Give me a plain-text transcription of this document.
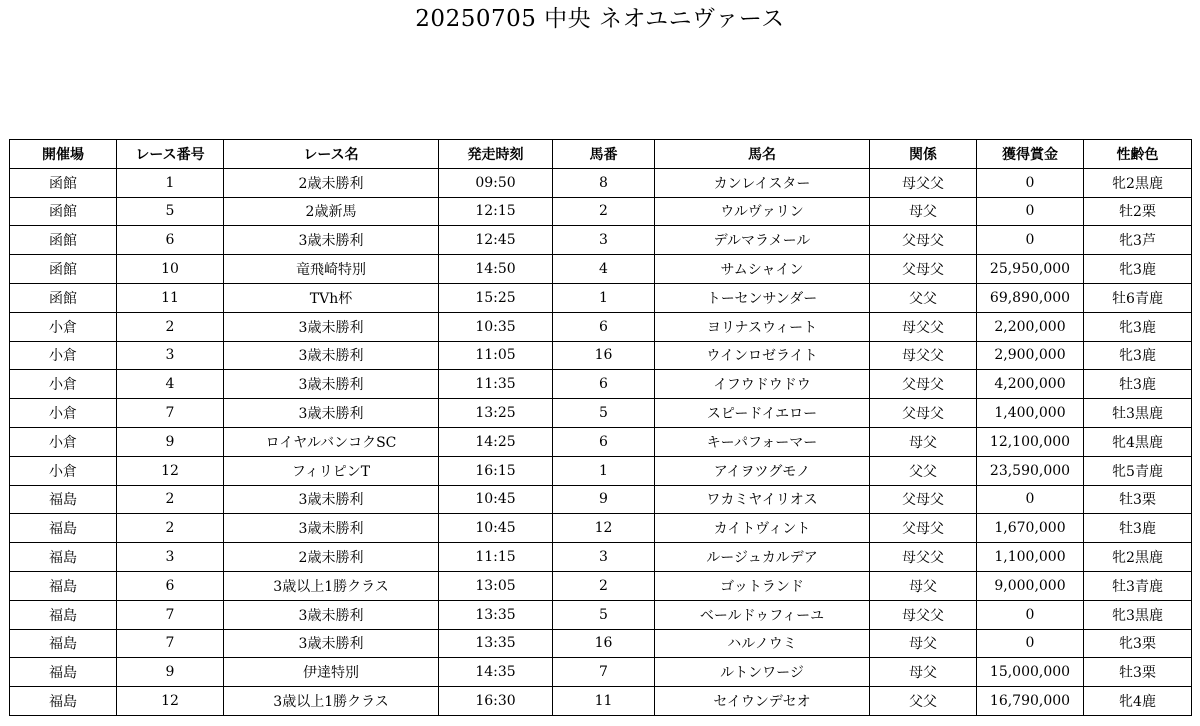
20250705 中央 ネオユニヴァース
開催場	レース番号	レース名	発走時刻	馬番	馬名	関係	獲得賞金	性齢色
函館	1	2歳未勝利	09:50	8	カンレイスター	母父父	0	牝2黒鹿
函館	5	2歳新馬	12:15	2	ウルヴァリン	母父	0	牡2栗
函館	6	3歳未勝利	12:45	3	デルマラメール	父母父	0	牝3芦
函館	10	竜飛崎特別	14:50	4	サムシャイン	父母父	25,950,000	牝3鹿
函館	11	TVh杯	15:25	1	トーセンサンダー	父父	69,890,000	牡6青鹿
小倉	2	3歳未勝利	10:35	6	ヨリナスウィート	母父父	2,200,000	牝3鹿
小倉	3	3歳未勝利	11:05	16	ウインロゼライト	母父父	2,900,000	牝3鹿
小倉	4	3歳未勝利	11:35	6	イフウドウドウ	父母父	4,200,000	牡3鹿
小倉	7	3歳未勝利	13:25	5	スピードイエロー	父母父	1,400,000	牡3黒鹿
小倉	9	ロイヤルバンコクSC	14:25	6	キーパフォーマー	母父	12,100,000	牝4黒鹿
小倉	12	フィリピンT	16:15	1	アイヲツグモノ	父父	23,590,000	牝5青鹿
福島	2	3歳未勝利	10:45	9	ワカミヤイリオス	父母父	0	牡3栗
福島	2	3歳未勝利	10:45	12	カイトヴィント	父母父	1,670,000	牡3鹿
福島	3	2歳未勝利	11:15	3	ルージュカルデア	母父父	1,100,000	牝2黒鹿
福島	6	3歳以上1勝クラス	13:05	2	ゴットランド	母父	9,000,000	牡3青鹿
福島	7	3歳未勝利	13:35	5	ベールドゥフィーユ	母父父	0	牝3黒鹿
福島	7	3歳未勝利	13:35	16	ハルノウミ	母父	0	牝3栗
福島	9	伊達特別	14:35	7	ルトンワージ	母父	15,000,000	牡3栗
福島	12	3歳以上1勝クラス	16:30	11	セイウンデセオ	父父	16,790,000	牝4鹿
